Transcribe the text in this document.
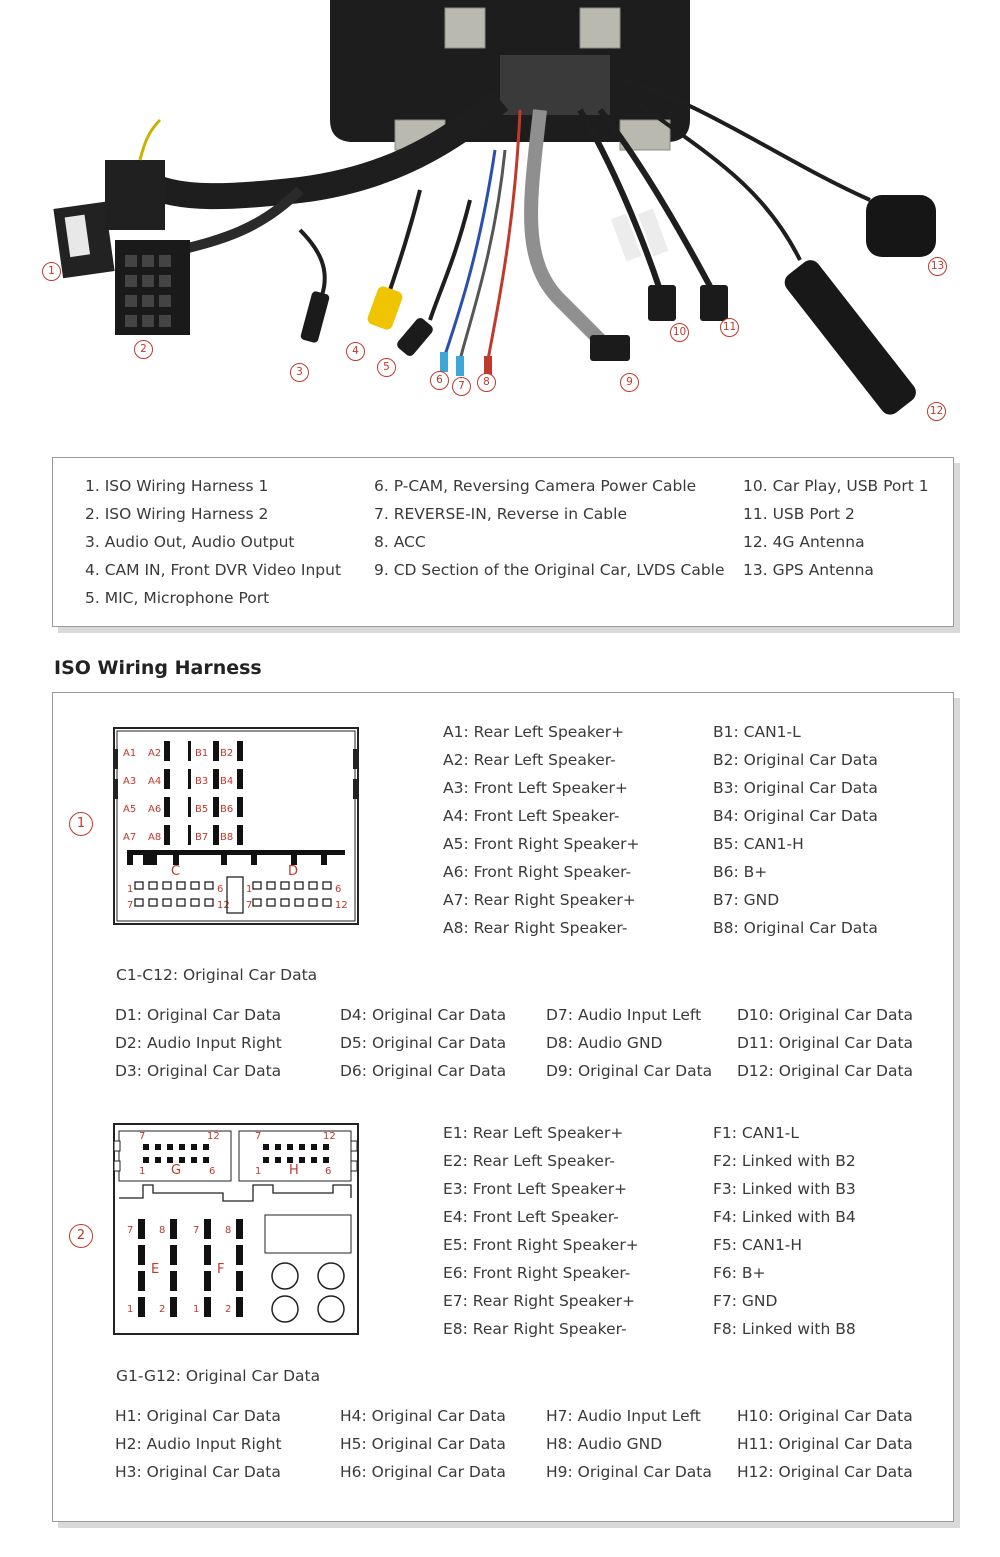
1
2
3
4
5
6	7	8	9
10	11
12
13
1. ISO Wiring Harness 1
2. ISO Wiring Harness 2
3. Audio Out, Audio Output
4. CAM IN, Front DVR Video Input
5. MIC, Microphone Port
6. P-CAM, Reversing Camera Power Cable
7. REVERSE-IN, Reverse in Cable
8. ACC
9. CD Section of the Original Car, LVDS Cable
10. Car Play, USB Port 1
11. USB Port 2
12. 4G Antenna
13. GPS Antenna
ISO Wiring Harness
1
A1 A2	B1 B2
A3 A4	B3 B4
A5 A6	B5 B6
A7 A8	B7 B8
C	D
1	6
7	12
1	6
7	12
A1: Rear Left Speaker+
A2: Rear Left Speaker-
A3: Front Left Speaker+
A4: Front Left Speaker-
A5: Front Right Speaker+
A6: Front Right Speaker-
A7: Rear Right Speaker+
A8: Rear Right Speaker-
B1: CAN1-L
B2: Original Car Data
B3: Original Car Data
B4: Original Car Data
B5: CAN1-H
B6: B+
B7: GND
B8: Original Car Data
C1-C12: Original Car Data
D1: Original Car Data
D2: Audio Input Right
D3: Original Car Data
D4: Original Car Data
D5: Original Car Data
D6: Original Car Data
D7: Audio Input Left
D8: Audio GND
D9: Original Car Data
D10: Original Car Data
D11: Original Car Data
D12: Original Car Data
2
7	12
1	6
7	12
1	6
G	H
7	8	7	8
1	2	1	2
E	F
E1: Rear Left Speaker+
E2: Rear Left Speaker-
E3: Front Left Speaker+
E4: Front Left Speaker-
E5: Front Right Speaker+
E6: Front Right Speaker-
E7: Rear Right Speaker+
E8: Rear Right Speaker-
F1: CAN1-L
F2: Linked with B2
F3: Linked with B3
F4: Linked with B4
F5: CAN1-H
F6: B+
F7: GND
F8: Linked with B8
G1-G12: Original Car Data
H1: Original Car Data
H2: Audio Input Right
H3: Original Car Data
H4: Original Car Data
H5: Original Car Data
H6: Original Car Data
H7: Audio Input Left
H8: Audio GND
H9: Original Car Data
H10: Original Car Data
H11: Original Car Data
H12: Original Car Data
